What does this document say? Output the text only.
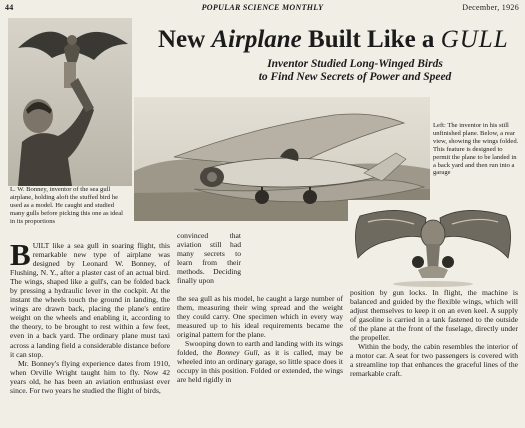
44	POPULAR SCIENCE MONTHLY	December, 1926
New Airplane Built Like a GULL
Inventor Studied Long-Winged Birds
to Find New Secrets of Power and Speed
L. W. Bonney, inventor of the sea gull airplane, holding aloft the stuffed bird he used as a model. He caught and studied many gulls before picking this one as ideal in its proportions
Left: The inventor in his still unfinished plane. Below, a rear view, showing the wings folded. This feature is designed to permit the plane to be landed in a back yard and then run into a garage

BUILT like a sea gull in soaring flight, this remarkable new type of airplane was designed by Leonard W. Bonney, of Flushing, N. Y., after a plaster cast of an actual bird. The wings, shaped like a gull's, can be folded back by pressing a hydraulic lever in the cockpit. At the instant the wheels touch the ground in landing, the wings are drawn back, placing the plane's entire weight on the wheels and enabling it, according to the theory, to be brought to rest within a few feet, even in a back yard. The ordinary plane must taxi across a landing field a considerable distance before it can stop.

Mr. Bonney's flying experience dates from 1910, when Orville Wright taught him to fly. Now 42 years old, he has been an aviation enthusiast ever since. For two years he studied the flight of birds,

convinced that aviation still had many secrets to learn from their methods. Deciding finally upon

the sea gull as his model, he caught a large number of them, measuring their wing spread and the weight they could carry. One specimen which in every way measured up to his ideal requirements became the original pattern for the plane.

Swooping down to earth and landing with its wings folded, the Bonney Gull, as it is called, may be wheeled into an ordinary garage, so little space does it occupy in this position. Folded or extended, the wings are held rigidly in

position by gun locks. In flight, the machine is balanced and guided by the flexible wings, which will adjust themselves to keep it on an even keel. A supply of gasoline is carried in a tank fastened to the outside of the plane at the front of the fuselage, directly under the propeller.

Within the body, the cabin resembles the interior of a motor car. A seat for two passengers is covered with a streamline top that enhances the graceful lines of the remarkable craft.
